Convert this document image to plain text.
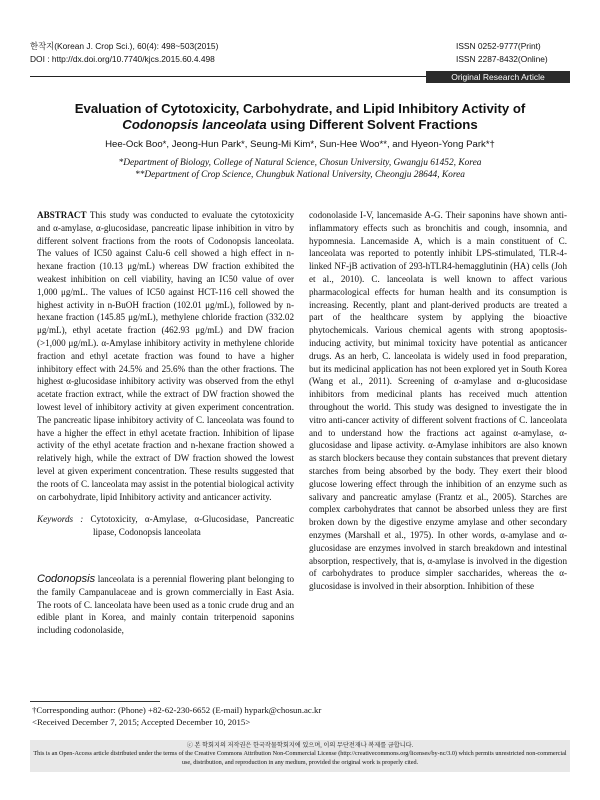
한작지(Korean J. Crop Sci.), 60(4): 498~503(2015)
DOI : http://dx.doi.org/10.7740/kjcs.2015.60.4.498
ISSN 0252-9777(Print)
ISSN 2287-8432(Online)
Original Research Article
Evaluation of Cytotoxicity, Carbohydrate, and Lipid Inhibitory Activity of
Codonopsis lanceolata using Different Solvent Fractions
Hee-Ock Boo*, Jeong-Hun Park*, Seung-Mi Kim*, Sun-Hee Woo**, and Hyeon-Yong Park*†
*Department of Biology, College of Natural Science, Chosun University, Gwangju 61452, Korea
**Department of Crop Science, Chungbuk National University, Cheongju 28644, Korea

ABSTRACT This study was conducted to evaluate the cytotoxicity and α-amylase, α-glucosidase, pancreatic lipase inhibition in vitro by different solvent fractions from the roots of Codonopsis lanceolata. The values of IC50 against Calu-6 cell showed a high effect in n-hexane fraction (10.13 μg/mL) whereas DW fraction exhibited the weakest inhibition on cell viability, having an IC50 value of over 1,000 μg/mL. The values of IC50 against HCT-116 cell showed the highest activity in n-BuOH fraction (102.01 μg/mL), followed by n-hexane fraction (145.85 μg/mL), methylene chloride fraction (332.02 μg/mL), ethyl acetate fraction (462.93 μg/mL) and DW fracion (>1,000 μg/mL). α-Amylase inhibitory activity in methylene chloride fraction and ethyl acetate fraction was found to have a higher inhibitory effect with 24.5% and 25.6% than the other fractions. The highest α-glucosidase inhibitory activity was observed from the ethyl acetate fraction extract, while the extract of DW fraction showed the lowest level of inhibitory activity at given experiment concentration. The pancreatic lipase inhibitory activity of C. lanceolata was found to have a higher the effect in ethyl acetate fraction. Inhibition of lipase activity of the ethyl acetate fraction and n-hexane fraction showed a relatively high, while the extract of DW fraction showed the lowest level at given experiment concentration. These results suggested that the roots of C. lanceolata may assist in the potential biological activity on carbohydrate, lipid Inhibitory activity and anticancer activity.

Keywords : Cytotoxicity, α-Amylase, α-Glucosidase, Pancreatic lipase, Codonopsis lanceolata

Codonopsis lanceolata is a perennial flowering plant belonging to the family Campanulaceae and is grown commercially in East Asia. The roots of C. lanceolata have been used as a tonic crude drug and an edible plant in Korea, and mainly contain triterpenoid saponins including codonolaside,

codonolaside I-V, lancemaside A-G. Their saponins have shown anti-inflammatory effects such as bronchitis and cough, insomnia, and hypomnesia. Lancemaside A, which is a main constituent of C. lanceolata was reported to potently inhibit LPS-stimulated, TLR-4-linked NF-jB activation of 293-hTLR4-hemagglutinin (HA) cells (Joh et al., 2010). C. lanceolata is well known to affect various pharmacological effects for human health and its consumption is increasing. Recently, plant and plant-derived products are treated a part of the healthcare system by applying the bioactive phytochemicals. Various chemical agents with strong apoptosis-inducing activity, but minimal toxicity have potential as anticancer drugs. As an herb, C. lanceolata is widely used in food preparation, but its medicinal application has not been explored yet in South Korea (Wang et al., 2011). Screening of α-amylase and α-glucosidase inhibitors from medicinal plants has received much attention throughout the world. This study was designed to investigate the in vitro anti-cancer activity of different solvent fractions of C. lanceolata and to understand how the fractions act against α-amylase, α-glucosidase and lipase activity. α-Amylase inhibitors are also known as starch blockers because they contain substances that prevent dietary starches from being absorbed by the body. They exert their blood glucose lowering effect through the inhibition of an enzyme such as salivary and pancreatic amylase (Frantz et al., 2005). Starches are complex carbohydrates that cannot be absorbed unless they are first broken down by the digestive enzyme amylase and other secondary enzymes (Marshall et al., 1975). In other words, α-amylase and α-glucosidase are enzymes involved in starch breakdown and intestinal absorption, respectively, that is, α-amylase is involved in the digestion of carbohydrates to produce simpler saccharides, whereas the α-glucosidase is involved in their absorption. Inhibition of these

†Corresponding author: (Phone) +82-62-230-6652 (E-mail) hypark@chosun.ac.kr
<Received December 7, 2015; Accepted December 10, 2015>
ⓒ 본 학회지의 저작권은 한국작물학회지에 있으며, 이의 무단전재나 복제를 금합니다.
This is an Open-Access article distributed under the terms of the Creative Commons Attribution Non-Commercial License (http://creativecommons.org/licenses/by-nc/3.0) which permits unrestricted non-commercial use, distribution, and reproduction in any medium, provided the original work is properly cited.
